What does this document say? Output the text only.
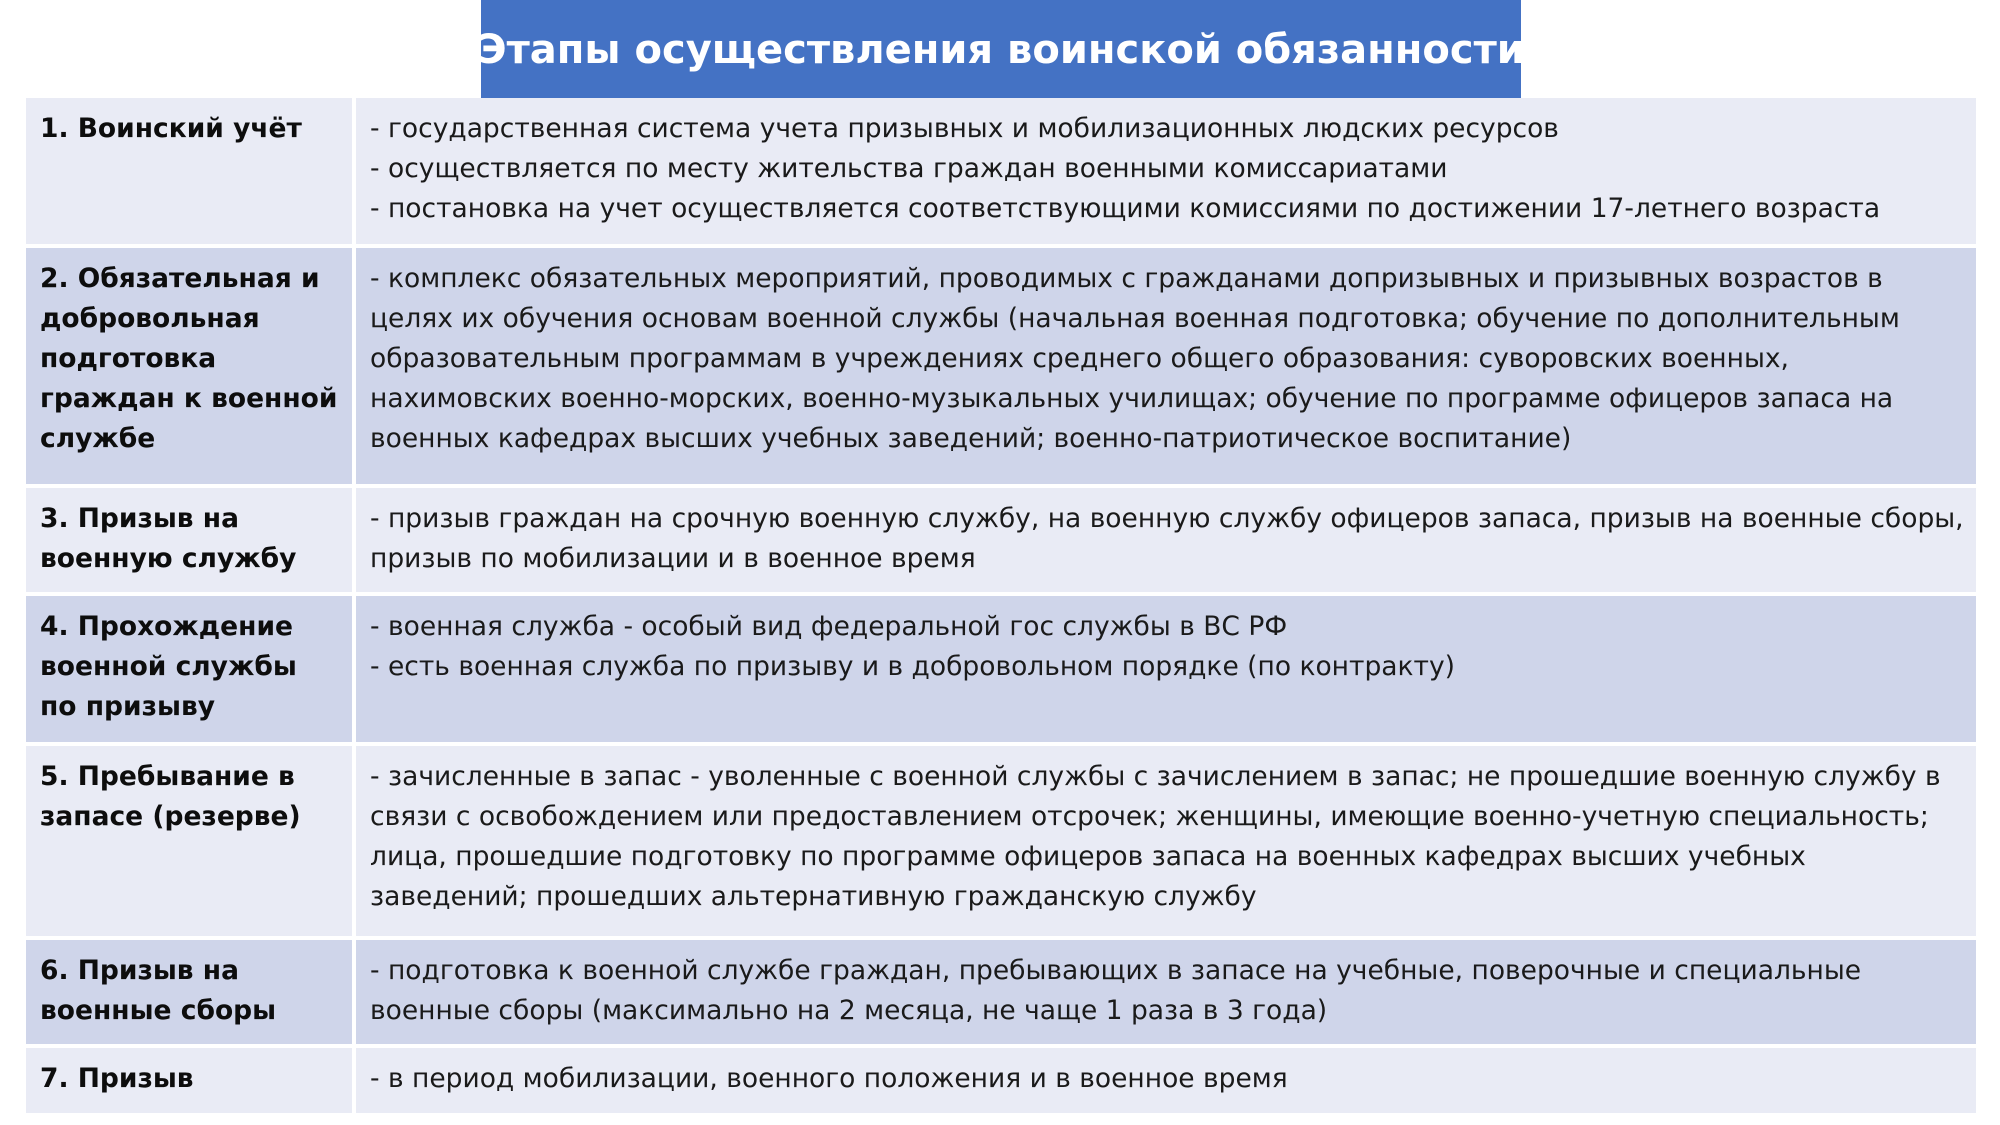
Этапы осуществления воинской обязанности
1. Воинский учёт	- государственная система учета призывных и мобилизационных людских ресурсов
- осуществляется по месту жительства граждан военными комиссариатами
- постановка на учет осуществляется соответствующими комиссиями по достижении 17-летнего возраста
2. Обязательная и добровольная подготовка граждан к военной службе
- комплекс обязательных мероприятий, проводимых с гражданами допризывных и призывных возрастов в целях их обучения основам военной службы (начальная военная подготовка; обучение по дополнительным образовательным программам в учреждениях среднего общего образования: суворовских военных, нахимовских военно-морских, военно-музыкальных училищах; обучение по программе офицеров запаса на военных кафедрах высших учебных заведений; военно-патриотическое воспитание)
3. Призыв на военную службу
- призыв граждан на срочную военную службу, на военную службу офицеров запаса, призыв на военные сборы, призыв по мобилизации и в военное время
4. Прохождение военной службы по призыву
- военная служба - особый вид федеральной гос службы в ВС РФ
- есть военная служба по призыву и в добровольном порядке (по контракту)
5. Пребывание в запасе (резерве)
- зачисленные в запас - уволенные с военной службы с зачислением в запас; не прошедшие военную службу в связи с освобождением или предоставлением отсрочек; женщины, имеющие военно-учетную специальность; лица, прошедшие подготовку по программе офицеров запаса на военных кафедрах высших учебных заведений; прошедших альтернативную гражданскую службу
6. Призыв на военные сборы
- подготовка к военной службе граждан, пребывающих в запасе на учебные, поверочные и специальные военные сборы (максимально на 2 месяца, не чаще 1 раза в 3 года)
7. Призыв	- в период мобилизации, военного положения и в военное время
